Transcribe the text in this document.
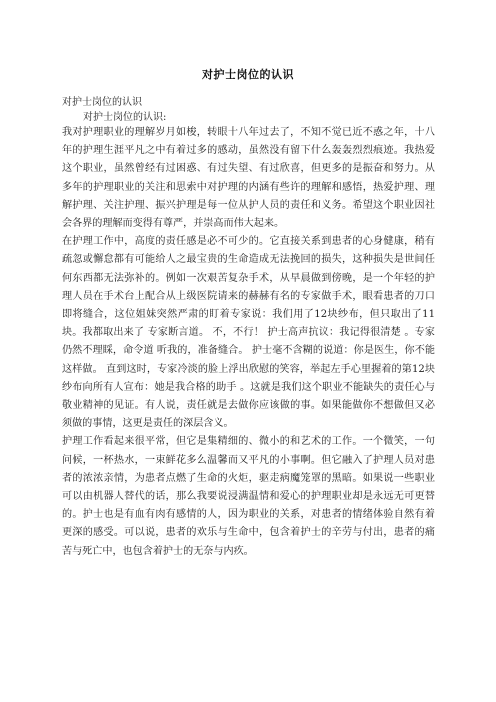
对护士岗位的认识
对护士岗位的认识
对护士岗位的认识:

我对护理职业的理解岁月如梭，转眼十八年过去了，不知不觉已近不惑之年，十八年的护理生涯平凡之中有着过多的感动，虽然没有留下什么轰轰烈烈痕迹。我热爱这个职业，虽然曾经有过困惑、有过失望、有过欣喜，但更多的是振奋和努力。从多年的护理职业的关注和思索中对护理的内涵有些许的理解和感悟，热爱护理、理解护理、关注护理、振兴护理是每一位从护人员的责任和义务。希望这个职业因社会各界的理解而变得有尊严，并崇高而伟大起来。

在护理工作中，高度的责任感是必不可少的。它直接关系到患者的心身健康，稍有疏忽或懈怠都有可能给人之最宝贵的生命造成无法挽回的损失，这种损失是世间任何东西都无法弥补的。例如一次艰苦复杂手术，从早晨做到傍晚，是一个年轻的护理人员在手术台上配合从上级医院请来的赫赫有名的专家做手术，眼看患者的刀口即将缝合，这位姐妹突然严肃的盯着专家说：我们用了12块纱布，但只取出了11块。我都取出来了 专家断言道。 不，不行！ 护士高声抗议：我记得很清楚 。专家仍然不理睬，命令道 听我的，准备缝合。 护士毫不含糊的说道：你是医生，你不能这样做。 直到这时，专家冷淡的脸上浮出欣慰的笑容，举起左手心里握着的第12块纱布向所有人宣布：她是我合格的助手 。这就是我们这个职业不能缺失的责任心与敬业精神的见证。有人说，责任就是去做你应该做的事。如果能做你不想做但又必须做的事情，这更是责任的深层含义。

护理工作看起来很平常，但它是集精细的、微小的和艺术的工作。一个微笑，一句问候，一杯热水，一束鲜花多么温馨而又平凡的小事啊。但它融入了护理人员对患者的浓浓亲情，为患者点燃了生命的火炬，驱走病魔笼罩的黑暗。如果说一些职业可以由机器人替代的话，那么我要说浸满温情和爱心的护理职业却是永远无可更替的。护士也是有血有肉有感情的人，因为职业的关系，对患者的情绪体验自然有着更深的感受。可以说，患者的欢乐与生命中，包含着护士的辛劳与付出，患者的痛苦与死亡中，也包含着护士的无奈与内疚。
